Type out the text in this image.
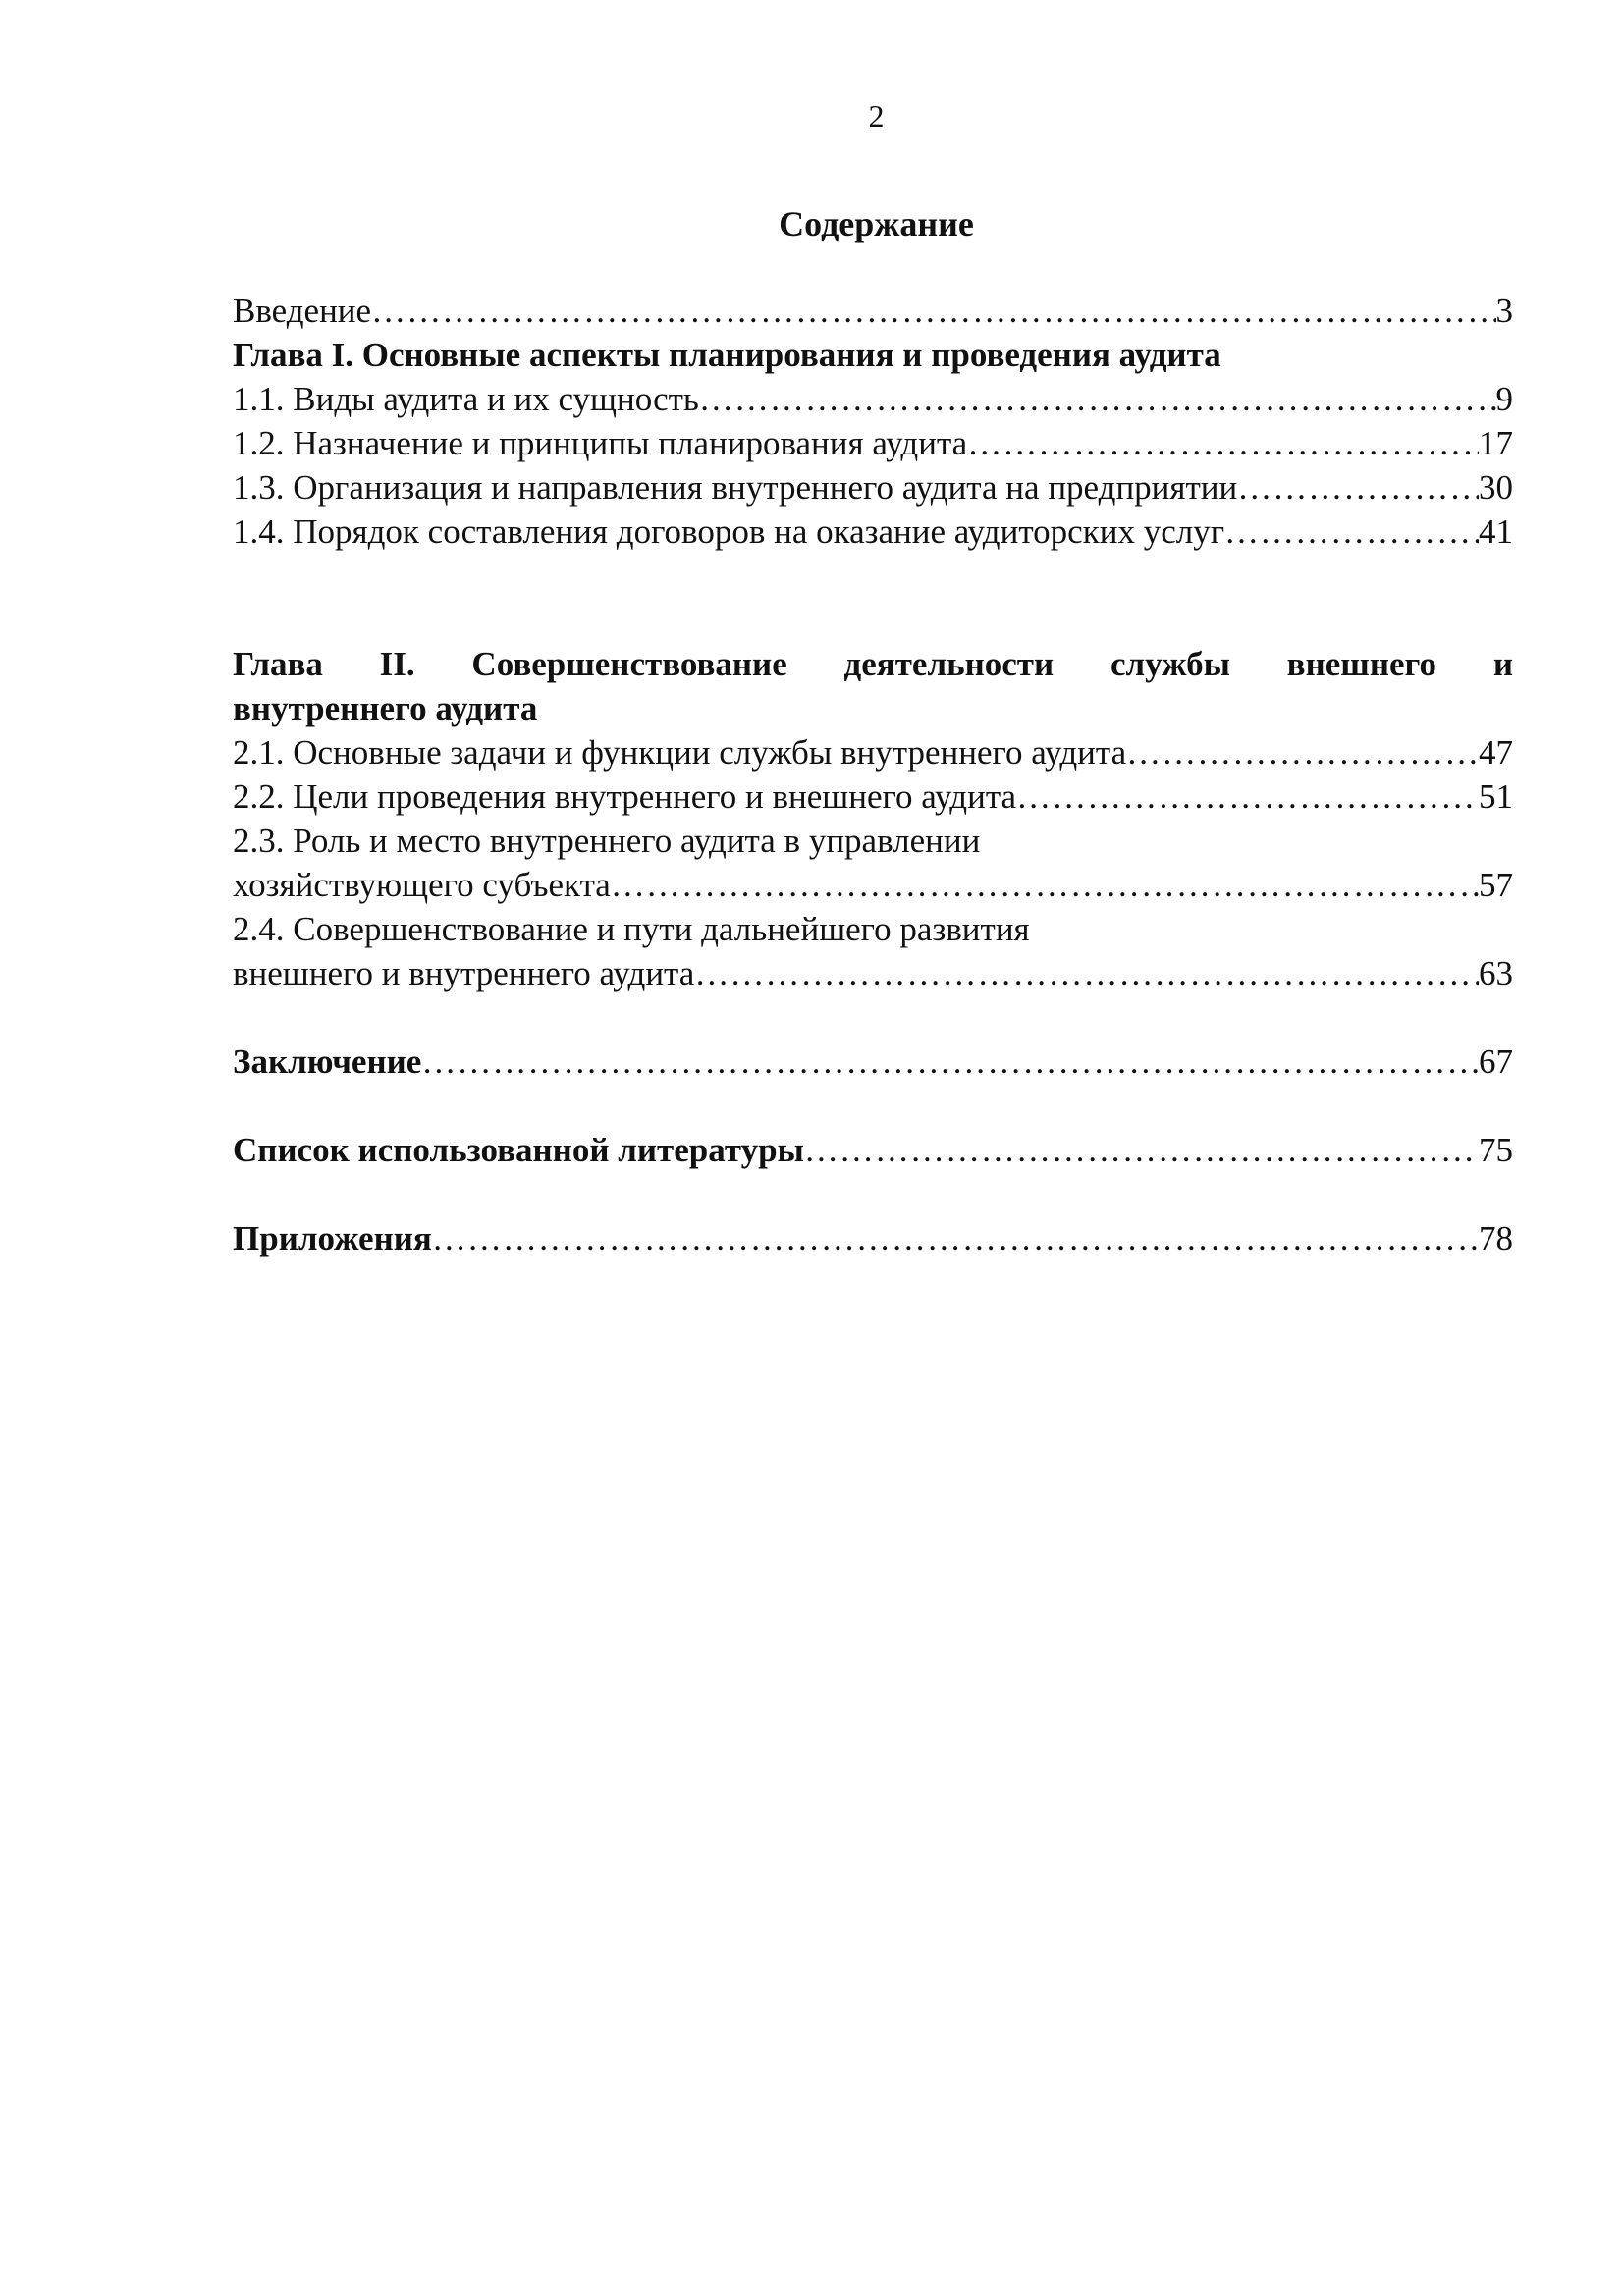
2
Содержание
Введение …………………………………………………………………………………………………………………………………………………………………………………………………………	3
Глава I. Основные аспекты планирования и проведения аудита
1.1. Виды аудита и их сущность …………………………………………………………………………………………………………………………………………………………………………………………………………	9
1.2. Назначение и принципы планирования аудита …………………………………………………………………………………………………………………………………………………………………………………………………………	17
1.3. Организация и направления внутреннего аудита на предприятии …………………………………………………………………………………………………………………………………………………………………………………………………………	30
1.4. Порядок составления договоров на оказание аудиторских услуг …………………………………………………………………………………………………………………………………………………………………………………………………………	41
Глава II. Совершенствование деятельности службы внешнего и
внутреннего аудита
2.1. Основные задачи и функции службы внутреннего аудита …………………………………………………………………………………………………………………………………………………………………………………………………………	47
2.2. Цели проведения внутреннего и внешнего аудита …………………………………………………………………………………………………………………………………………………………………………………………………………	51
2.3. Роль и место внутреннего аудита в управлении
хозяйствующего субъекта …………………………………………………………………………………………………………………………………………………………………………………………………………	57
2.4. Совершенствование и пути дальнейшего развития
внешнего и внутреннего аудита …………………………………………………………………………………………………………………………………………………………………………………………………………	63
Заключение …………………………………………………………………………………………………………………………………………………………………………………………………………	67
Список использованной литературы …………………………………………………………………………………………………………………………………………………………………………………………………………	75
Приложения …………………………………………………………………………………………………………………………………………………………………………………………………………	78
